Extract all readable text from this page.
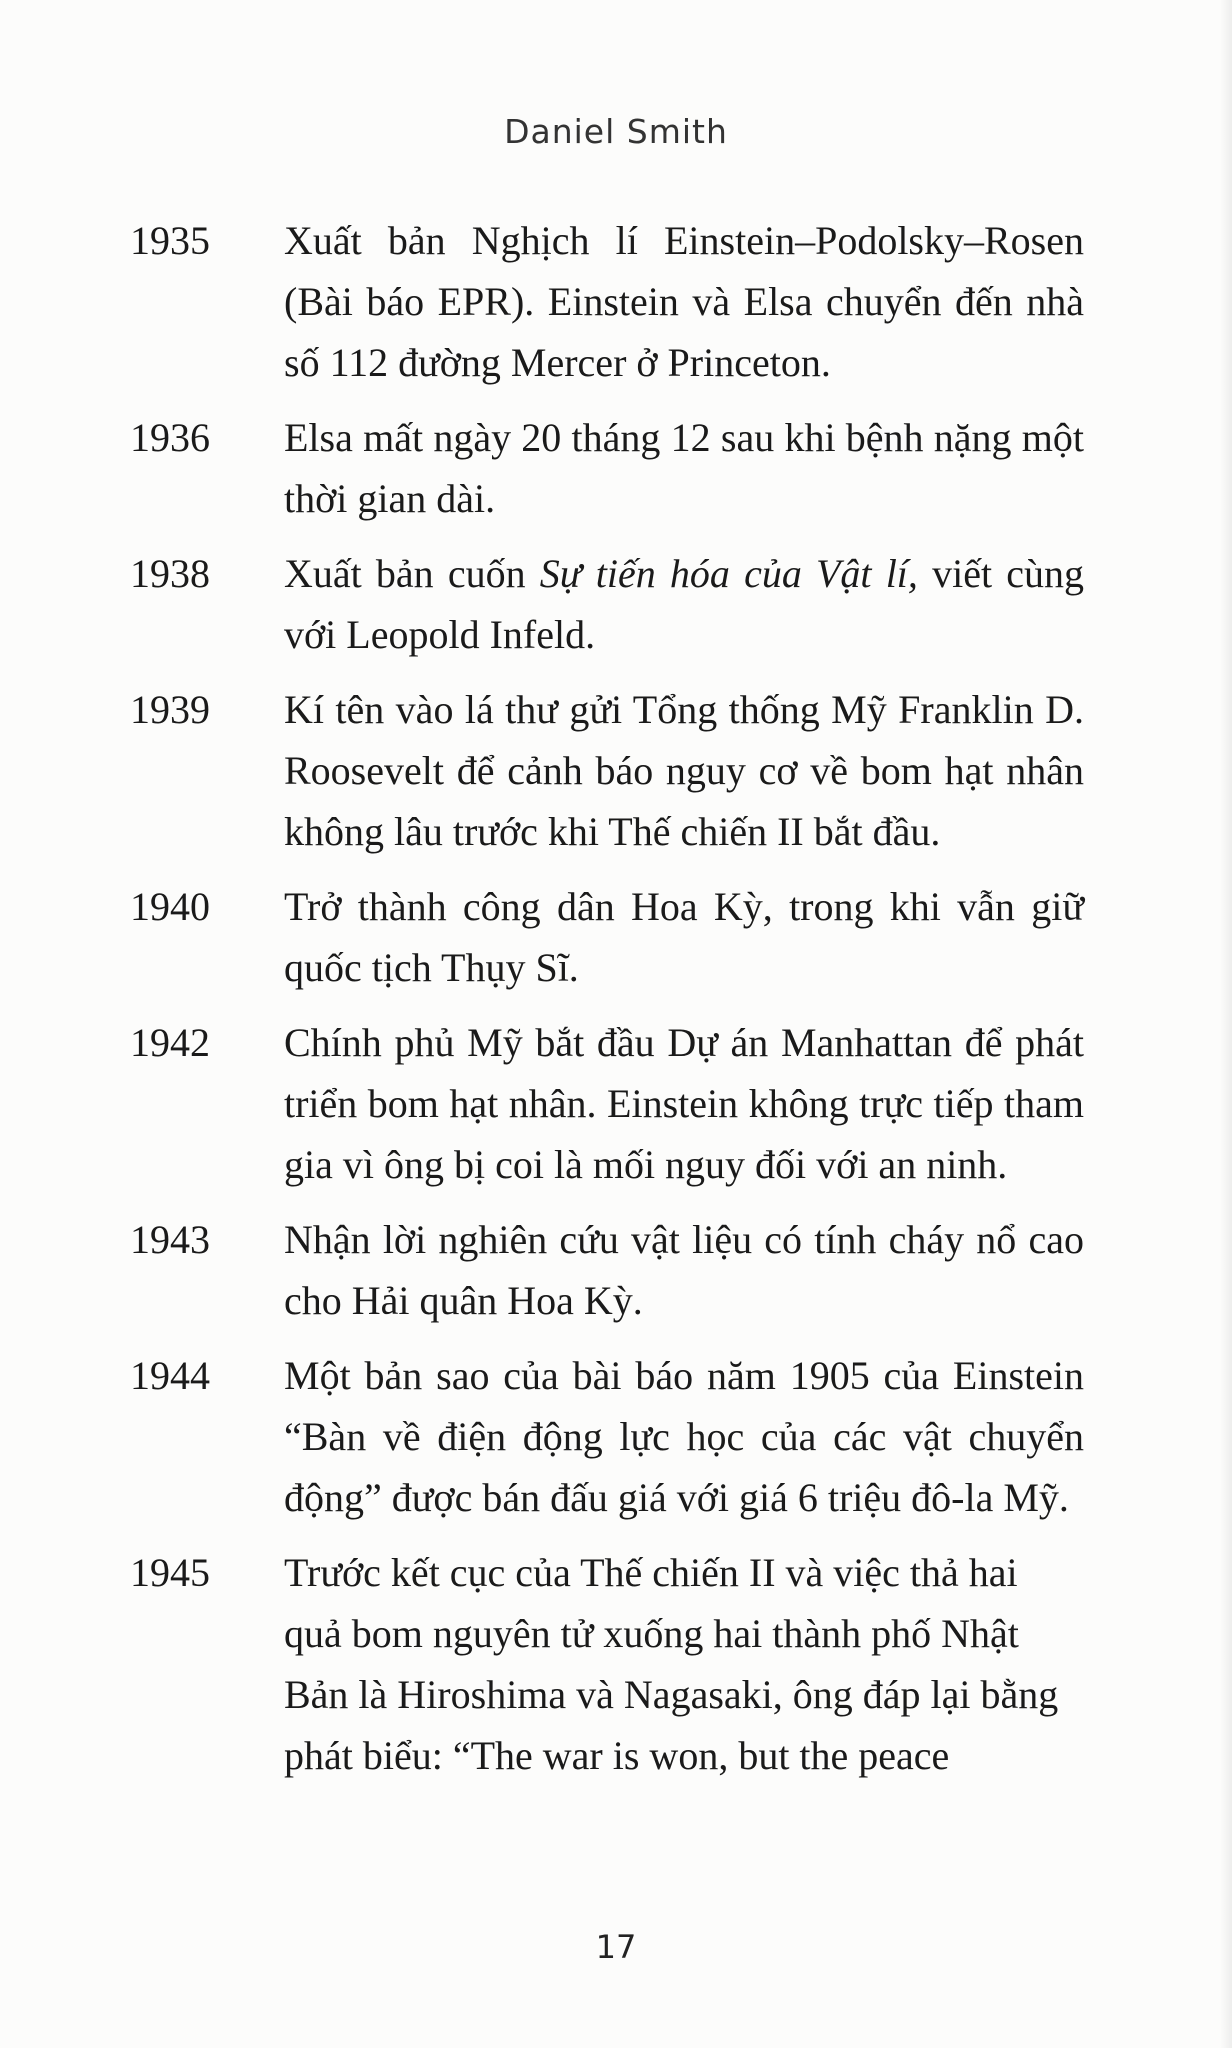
Daniel Smith
1935	Xuất bản Nghịch lí Einstein–Podolsky–Rosen (Bài báo EPR). Einstein và Elsa chuyển đến nhà số 112 đường Mercer ở Princeton.
1936	Elsa mất ngày 20 tháng 12 sau khi bệnh nặng một thời gian dài.
1938	Xuất bản cuốn Sự tiến hóa của Vật lí, viết cùng với Leopold Infeld.
1939	Kí tên vào lá thư gửi Tổng thống Mỹ Franklin D. Roosevelt để cảnh báo nguy cơ về bom hạt nhân không lâu trước khi Thế chiến II bắt đầu.
1940	Trở thành công dân Hoa Kỳ, trong khi vẫn giữ quốc tịch Thụy Sĩ.
1942	Chính phủ Mỹ bắt đầu Dự án Manhattan để phát triển bom hạt nhân. Einstein không trực tiếp tham gia vì ông bị coi là mối nguy đối với an ninh.
1943	Nhận lời nghiên cứu vật liệu có tính cháy nổ cao cho Hải quân Hoa Kỳ.
1944	Một bản sao của bài báo năm 1905 của Einstein “Bàn về điện động lực học của các vật chuyển động” được bán đấu giá với giá 6 triệu đô-la Mỹ.
1945	Trước kết cục của Thế chiến II và việc thả hai quả bom nguyên tử xuống hai thành phố Nhật Bản là Hiroshima và Nagasaki, ông đáp lại bằng phát biểu: “The war is won, but the peace
17
